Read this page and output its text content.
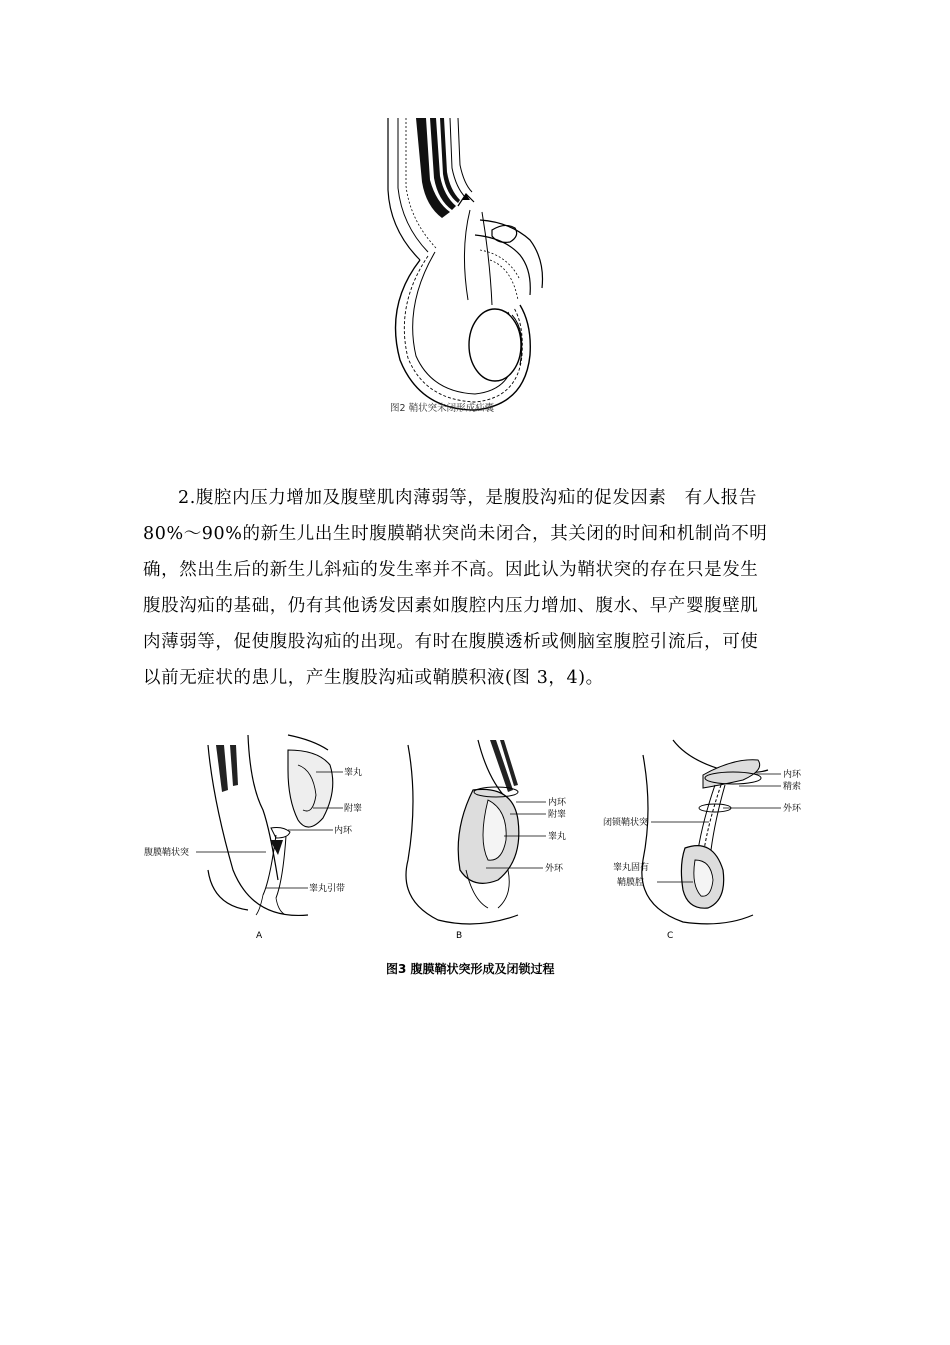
图2 鞘状突未闭形成疝囊
2.腹腔内压力增加及腹壁肌肉薄弱等，是腹股沟疝的促发因素　有人报告
80%～90%的新生儿出生时腹膜鞘状突尚未闭合，其关闭的时间和机制尚不明
确，然出生后的新生儿斜疝的发生率并不高。因此认为鞘状突的存在只是发生
腹股沟疝的基础，仍有其他诱发因素如腹腔内压力增加、腹水、早产婴腹壁肌
肉薄弱等，促使腹股沟疝的出现。有时在腹膜透析或侧脑室腹腔引流后，可使
以前无症状的患儿，产生腹股沟疝或鞘膜积液(图 3，4)。
睾丸
附睾
内环
腹膜鞘状突
睾丸引带
A
内环
附睾
睾丸
外环
B
内环
精索
外环
闭锁鞘状突
睾丸固有
鞘膜腔
C
图3 腹膜鞘状突形成及闭锁过程
